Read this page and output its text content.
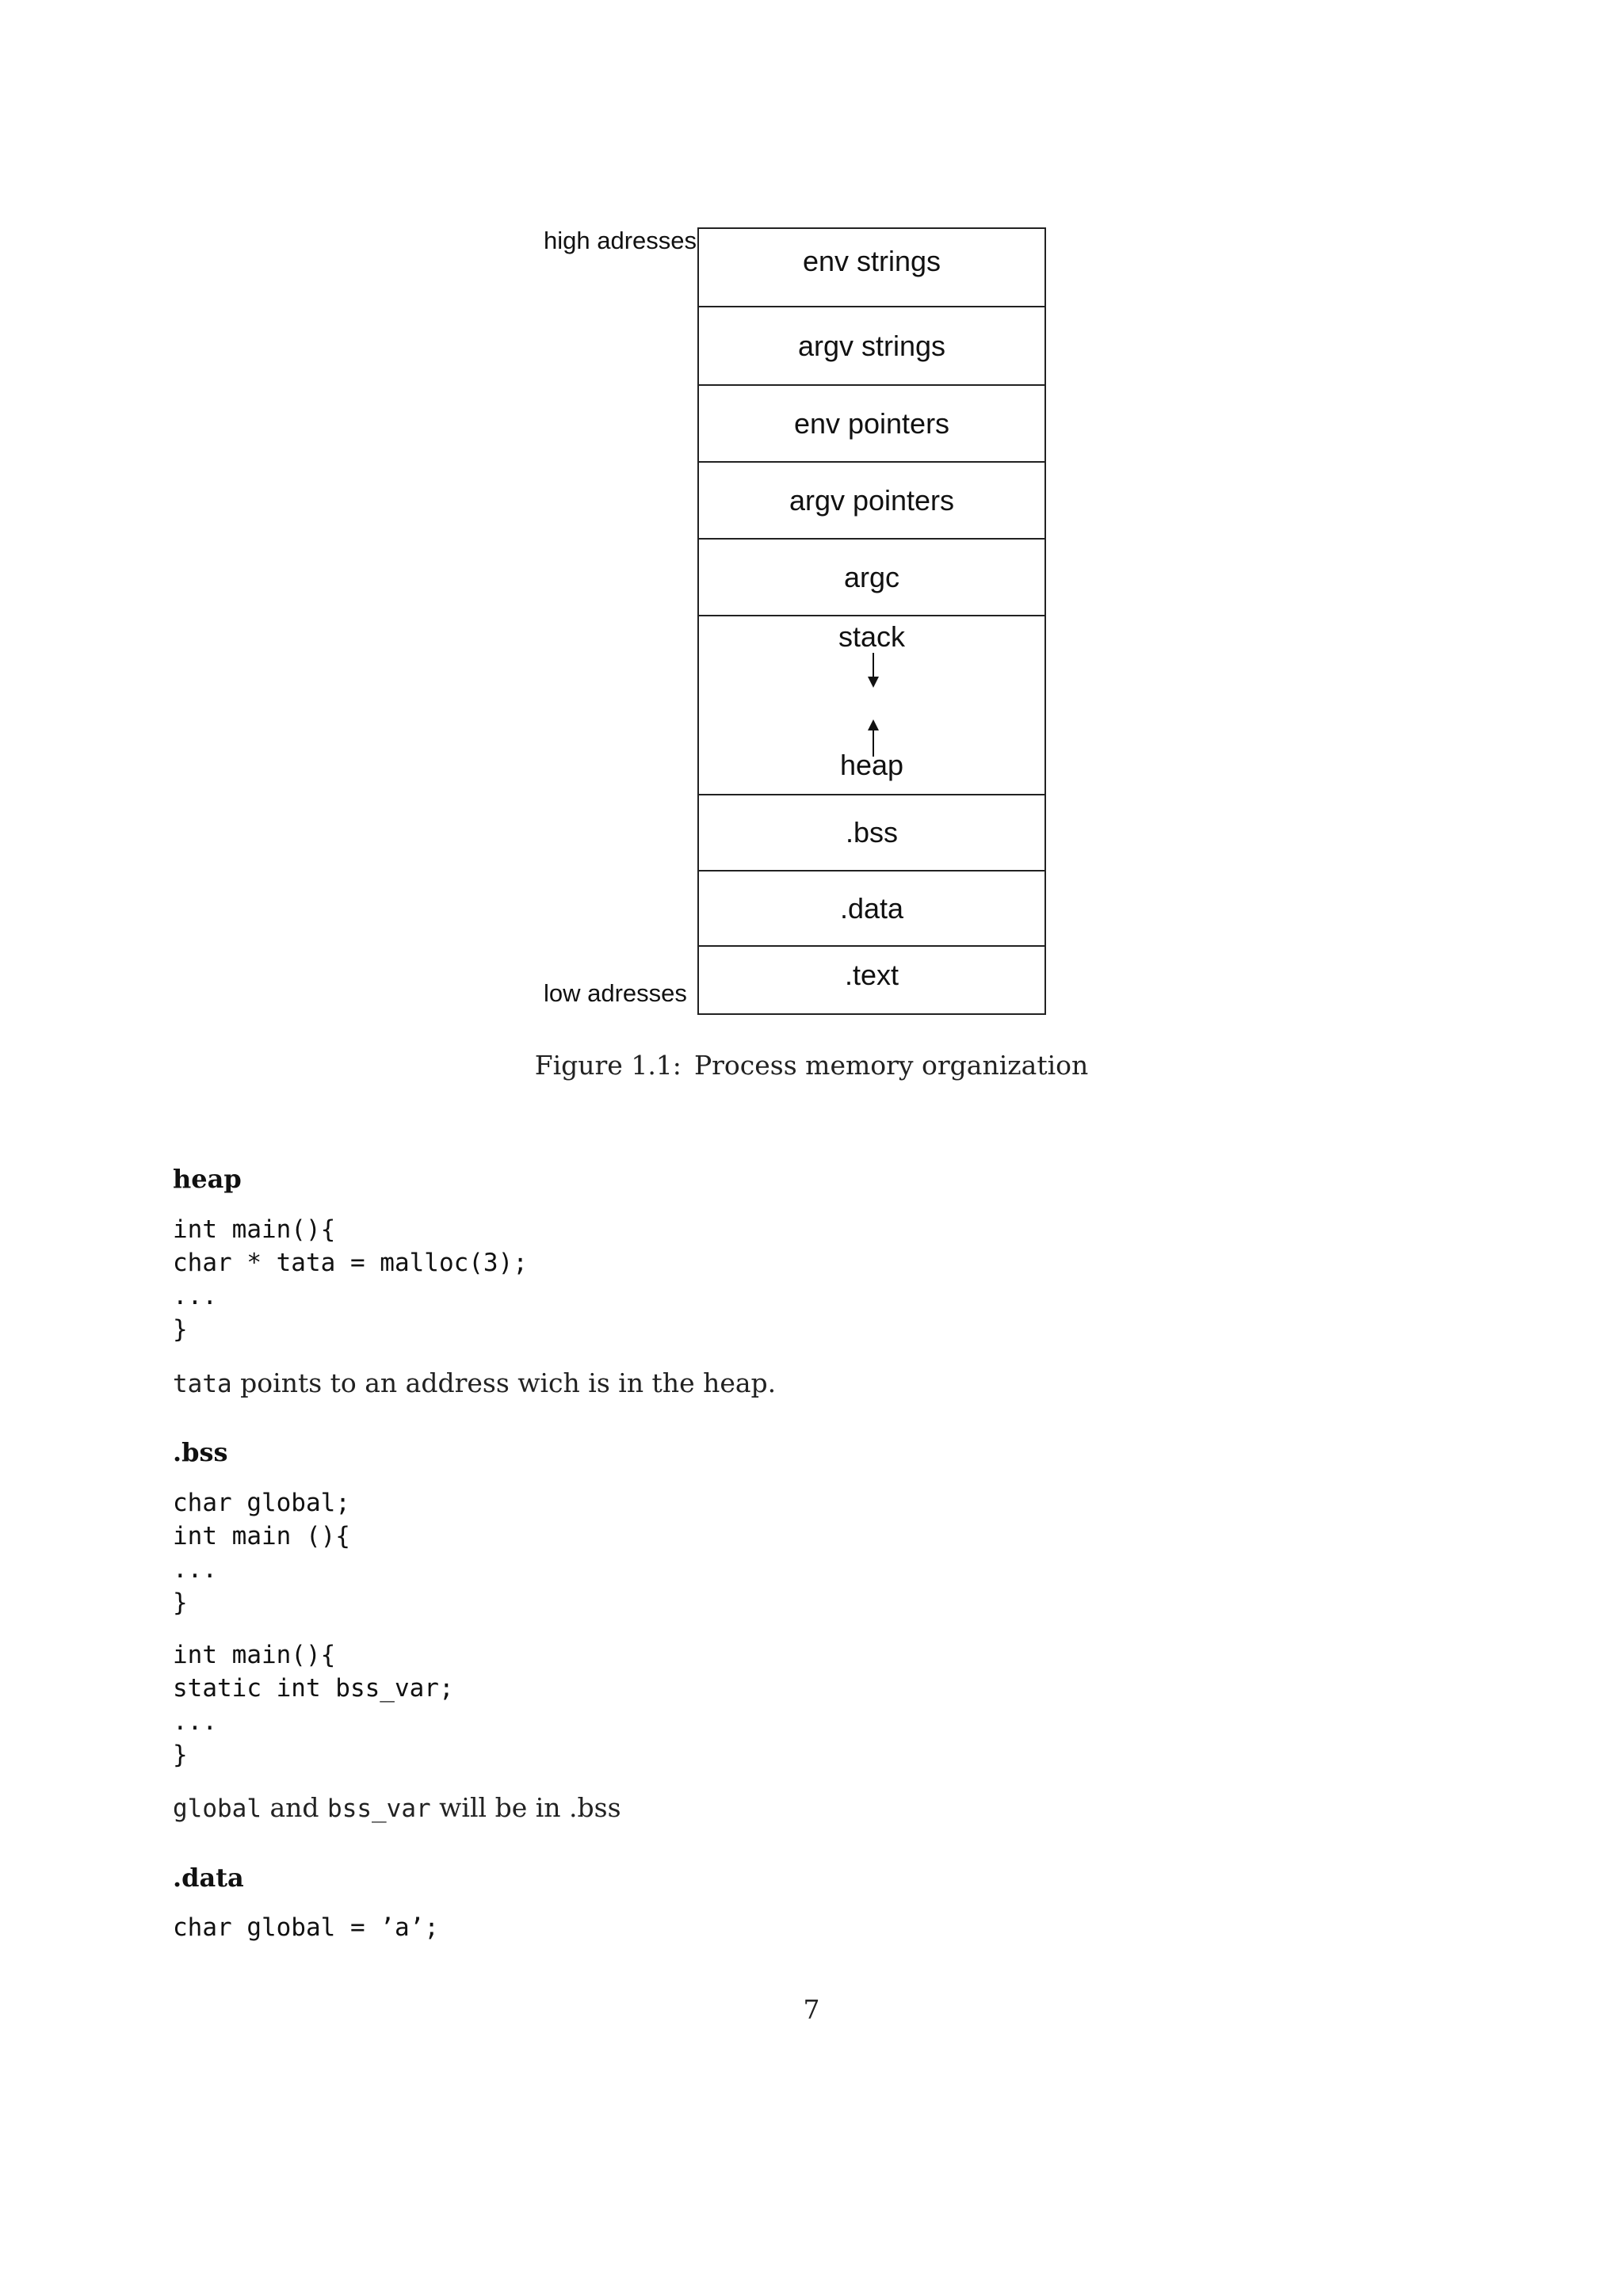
high adresses
low adresses
env strings
argv strings
env pointers
argv pointers
argc
stack
heap
.bss
.data
.text
Figure 1.1: Process memory organization
heap
int main(){
char * tata = malloc(3);
...
}
tata points to an address wich is in the heap.
.bss
char global;
int main (){
...
}
int main(){
static int bss_var;
...
}
global and bss_var will be in .bss
.data
char global = ’a’;
7
